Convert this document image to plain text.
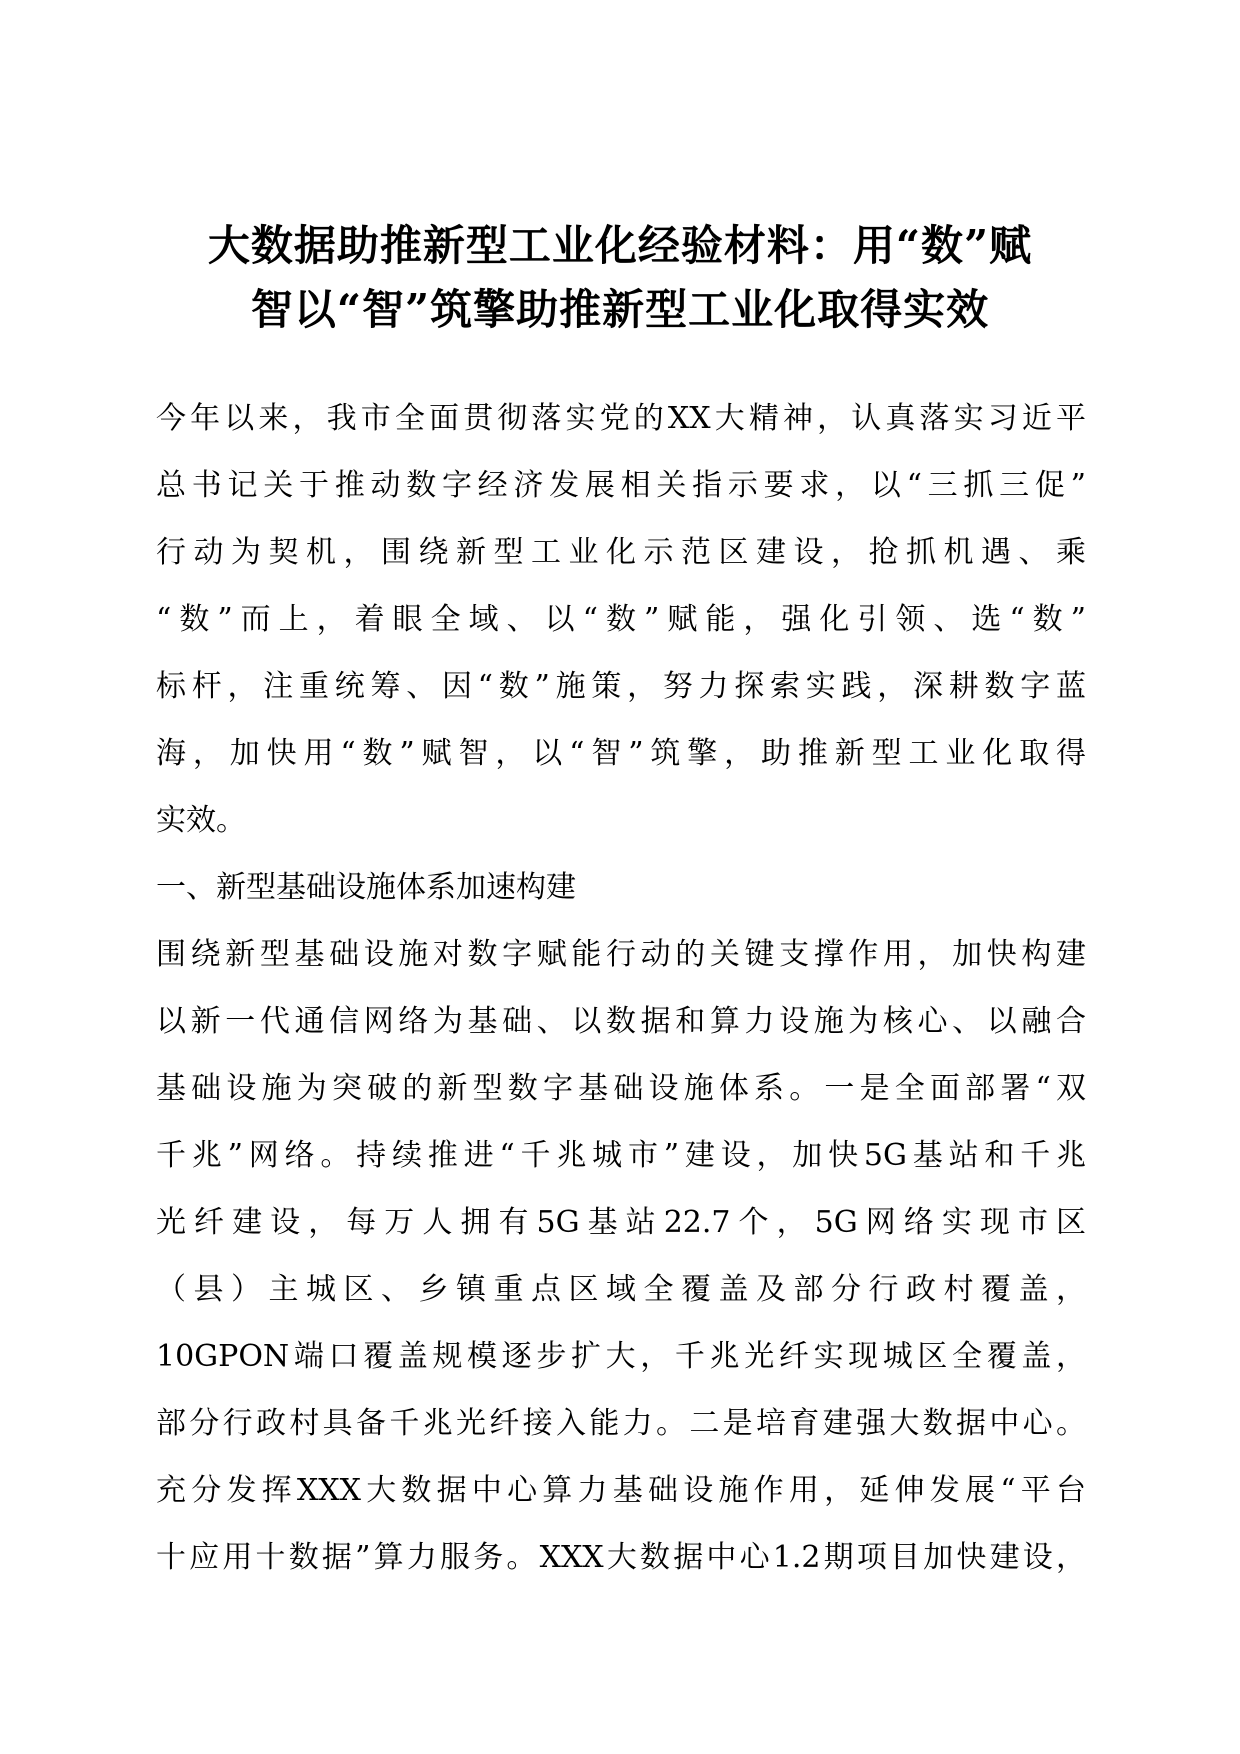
大数据助推新型工业化经验材料：用“数”赋
智以“智”筑擎助推新型工业化取得实效
今年以来，我市全面贯彻落实党的XX大精神，认真落实习近平
总书记关于推动数字经济发展相关指示要求，以“三抓三促”
行动为契机，围绕新型工业化示范区建设，抢抓机遇、乘
“数”而上，着眼全域、以“数”赋能，强化引领、选“数”
标杆，注重统筹、因“数”施策，努力探索实践，深耕数字蓝
海，加快用“数”赋智，以“智”筑擎，助推新型工业化取得
实效。
一、新型基础设施体系加速构建
围绕新型基础设施对数字赋能行动的关键支撑作用，加快构建
以新一代通信网络为基础、以数据和算力设施为核心、以融合
基础设施为突破的新型数字基础设施体系。一是全面部署“双
千兆”网络。持续推进“千兆城市”建设，加快5G基站和千兆
光纤建设，每万人拥有5G基站22.7个，5G网络实现市区
（县）主城区、乡镇重点区域全覆盖及部分行政村覆盖，
10GPON端口覆盖规模逐步扩大，千兆光纤实现城区全覆盖，
部分行政村具备千兆光纤接入能力。二是培育建强大数据中心。
充分发挥XXX大数据中心算力基础设施作用，延伸发展“平台
十应用十数据”算力服务。XXX大数据中心1.2期项目加快建设，
